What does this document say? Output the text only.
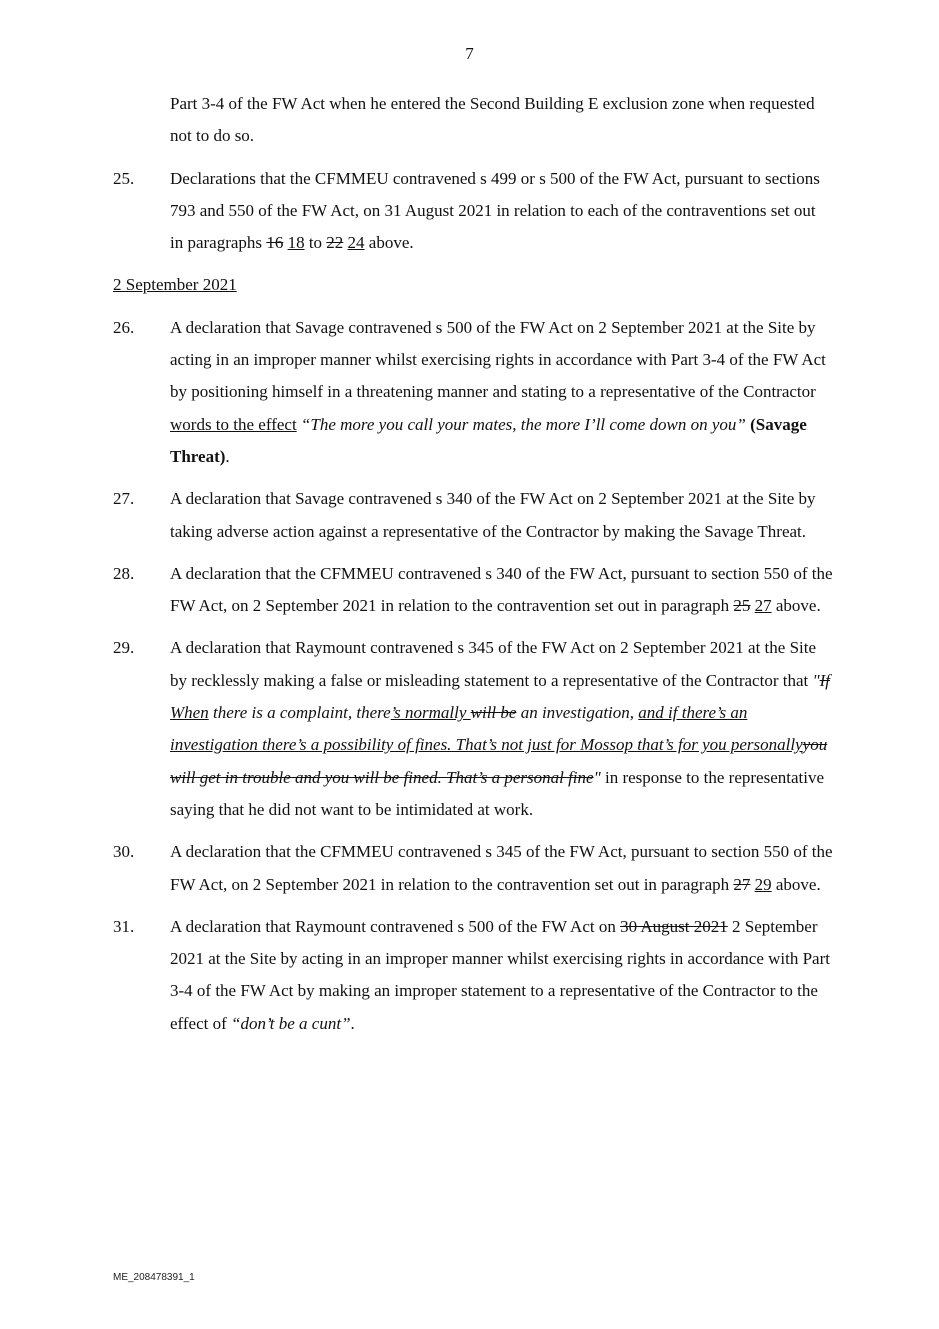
7
Part 3-4 of the FW Act when he entered the Second Building E exclusion zone when requested not to do so.
25.	Declarations that the CFMMEU contravened s 499 or s 500 of the FW Act, pursuant to sections 793 and 550 of the FW Act, on 31 August 2021 in relation to each of the contraventions set out in paragraphs 16 18 to 22 24 above.
2 September 2021
26.	A declaration that Savage contravened s 500 of the FW Act on 2 September 2021 at the Site by acting in an improper manner whilst exercising rights in accordance with Part 3-4 of the FW Act by positioning himself in a threatening manner and stating to a representative of the Contractor words to the effect “The more you call your mates, the more I’ll come down on you” (Savage Threat).
27.	A declaration that Savage contravened s 340 of the FW Act on 2 September 2021 at the Site by taking adverse action against a representative of the Contractor by making the Savage Threat.
28.	A declaration that the CFMMEU contravened s 340 of the FW Act, pursuant to section 550 of the FW Act, on 2 September 2021 in relation to the contravention set out in paragraph 25 27 above.
29.	A declaration that Raymount contravened s 345 of the FW Act on 2 September 2021 at the Site by recklessly making a false or misleading statement to a representative of the Contractor that "If When there is a complaint, there’s normally will be an investigation, and if there’s an investigation there’s a possibility of fines. That’s not just for Mossop that’s for you personallyyou will get in trouble and you will be fined. That’s a personal fine" in response to the representative saying that he did not want to be intimidated at work.
30.	A declaration that the CFMMEU contravened s 345 of the FW Act, pursuant to section 550 of the FW Act, on 2 September 2021 in relation to the contravention set out in paragraph 27 29 above.
31.	A declaration that Raymount contravened s 500 of the FW Act on 30 August 2021 2 September 2021 at the Site by acting in an improper manner whilst exercising rights in accordance with Part 3-4 of the FW Act by making an improper statement to a representative of the Contractor to the effect of “don’t be a cunt”.
ME_208478391_1
